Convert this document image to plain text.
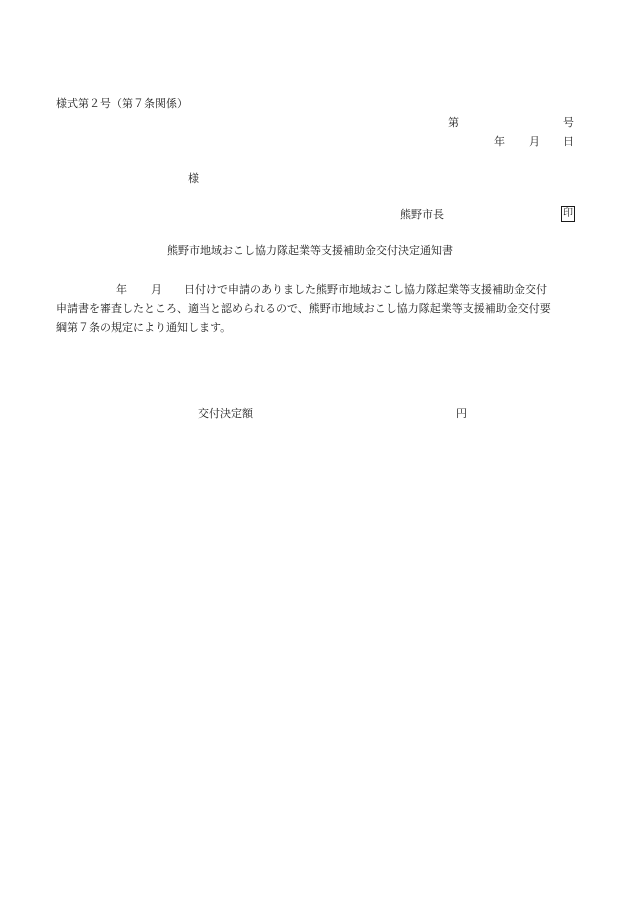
様式第２号（第７条関係）
第	号
年 月 日
様
熊野市長	印
熊野市地域おこし協力隊起業等支援補助金交付決定通知書
年 月 日付けで申請のありました熊野市地域おこし協力隊起業等支援補助金交付
申請書を審査したところ、適当と認められるので、熊野市地域おこし協力隊起業等支援補助金交付要
綱第７条の規定により通知します。
交付決定額	円
